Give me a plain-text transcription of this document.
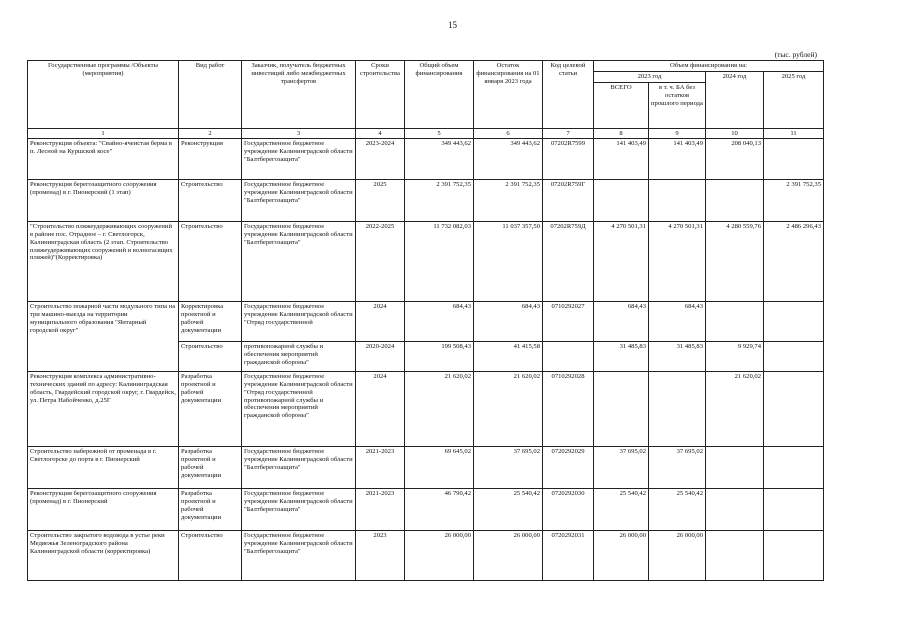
15
(тыс. рублей)
Государственные программы /Объекты (мероприятия)	Вид работ	Заказчик, получатель бюджетных инвестиций либо межбюджетных трансфертов	Сроки строительства	Общий объем финансирования	Остаток финансирования на 01 января 2023 года	Код целевой статьи	Объем финансирования на:			
							2023 год		2024 год	2025 год
							ВСЕГО	в т. ч. БА без остатков прошлого периода		
1	2	3	4	5	6	7	8	9	10	11
Реконструкция объекта: "Свайно-ячеистая берма в п. Лесной на Куршской косе"	Реконструкция	Государственное бюджетное учреждение Калининградской области "Балтберегозащита"	2023-2024	349 443,62	349 443,62	07202R7599	141 403,49	141 403,49	208 040,13	
Реконструкция берегозащитного сооружения (променад) в г. Пионерский (1 этап)	Строительство	Государственное бюджетное учреждение Калининградской области "Балтберегозащита"	2025	2 391 752,35	2 391 752,35	07202R759Г				2 391 752,35
"Строительство пляжеудерживающих сооружений в районе пос. Отрадное – г. Светлогорск, Калининградская область (2 этап. Строительство пляжеудерживающих сооружений и волногасящих пляжей)"(Корректировка)	Строительство	Государственное бюджетное учреждение Калининградской области "Балтберегозащита"	2022-2025	11 732 082,03	11 037 357,50	07202R759Д	4 270 501,31	4 270 501,31	4 280 559,76	2 486 296,43
Строительство пожарной части модульного типа на три машино-выезда на территории муниципального образования "Янтарный городской округ"	Корректировка проектной и рабочей документации	Государственное бюджетное учреждение Калининградской области "Отряд государственной	2024	684,43	684,43	0710292027	684,43	684,43		
	Строительство	противопожарной службы и обеспечения мероприятий гражданской обороны"	2020-2024	199 508,43	41 415,58		31 485,83	31 485,83	9 929,74	
Реконструкция комплекса административно-технических зданий по адресу: Калининградская область, Гвардейский городской округ, г. Гвардейск, ул. Петра Набойченко, д.25Г	Разработка проектной и рабочей документации	Государственное бюджетное учреждение Калининградской области "Отряд государственной противопожарной службы и обеспечения мероприятий гражданской обороны"	2024	21 620,02	21 620,02	0710292028			21 620,02	
Строительство набережной от променада в г. Светлогорске до порта в г. Пионерский	Разработка проектной и рабочей документации	Государственное бюджетное учреждение Калининградской области "Балтберегозащита"	2021-2023	69 645,02	37 695,02	0720292029	37 695,02	37 695,02		
Реконструкция берегозащитного сооружения (променад) в г. Пионерский	Разработка проектной и рабочей документации	Государственное бюджетное учреждение Калининградской области "Балтберегозащита"	2021-2023	46 790,42	25 540,42	0720292030	25 540,42	25 540,42		
Строительство закрытого водовода в устье реки Медвежья Зеленоградского района Калининградской области (корректировка)	Строительство	Государственное бюджетное учреждение Калининградской области "Балтберегозащита"	2023	26 000,00	26 000,00	0720292031	26 000,00	26 000,00		
